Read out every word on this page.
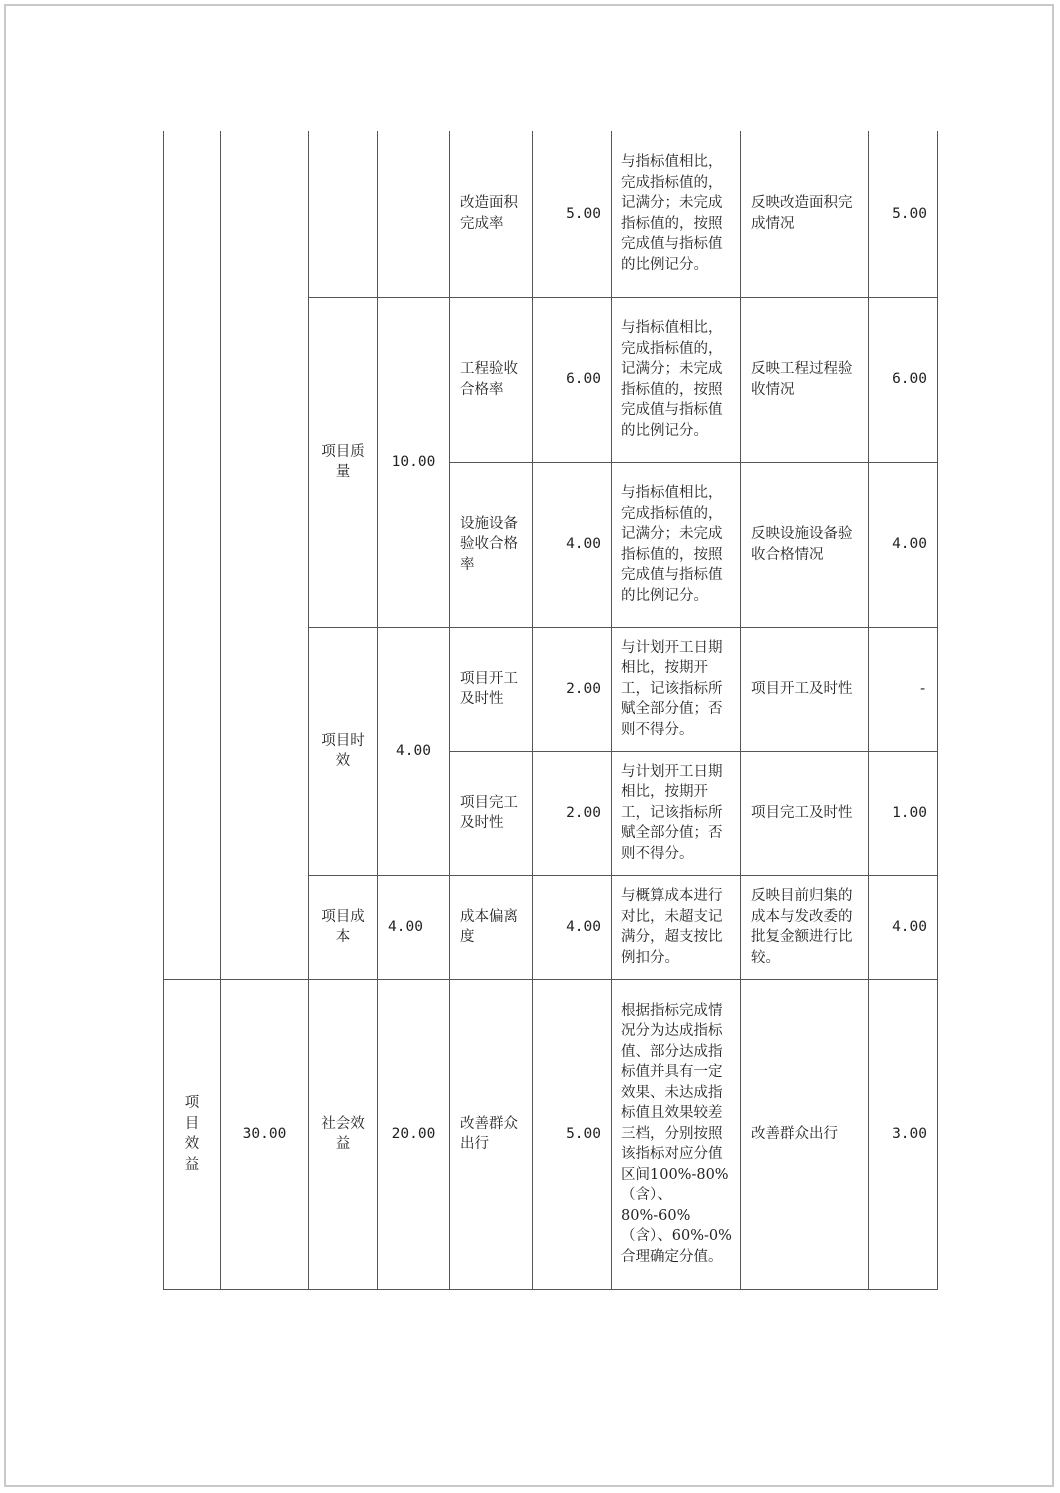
				改造面积完成率	5.00	与指标值相比，完成指标值的，记满分；未完成指标值的，按照完成值与指标值的比例记分。	反映改造面积完成情况	5.00
		项目质量	10.00	工程验收合格率	6.00	与指标值相比，完成指标值的，记满分；未完成指标值的，按照完成值与指标值的比例记分。	反映工程过程验收情况	6.00
				设施设备验收合格率	4.00	与指标值相比，完成指标值的，记满分；未完成指标值的，按照完成值与指标值的比例记分。	反映设施设备验收合格情况	4.00
		项目时效	4.00	项目开工及时性	2.00	与计划开工日期相比，按期开工，记该指标所赋全部分值；否则不得分。	项目开工及时性	-
				项目完工及时性	2.00	与计划开工日期相比，按期开工，记该指标所赋全部分值；否则不得分。	项目完工及时性	1.00
		项目成本	4.00	成本偏离度	4.00	与概算成本进行对比，未超支记满分，超支按比例扣分。	反映目前归集的成本与发改委的批复金额进行比较。	4.00

项
目
效
益	30.00	社会效益	20.00	改善群众出行	5.00	根据指标完成情况分为达成指标值、部分达成指标值并具有一定效果、未达成指标值且效果较差三档，分别按照该指标对应分值区间100%-80%（含）、80%-60%（含）、60%-0%合理确定分值。	改善群众出行	3.00
